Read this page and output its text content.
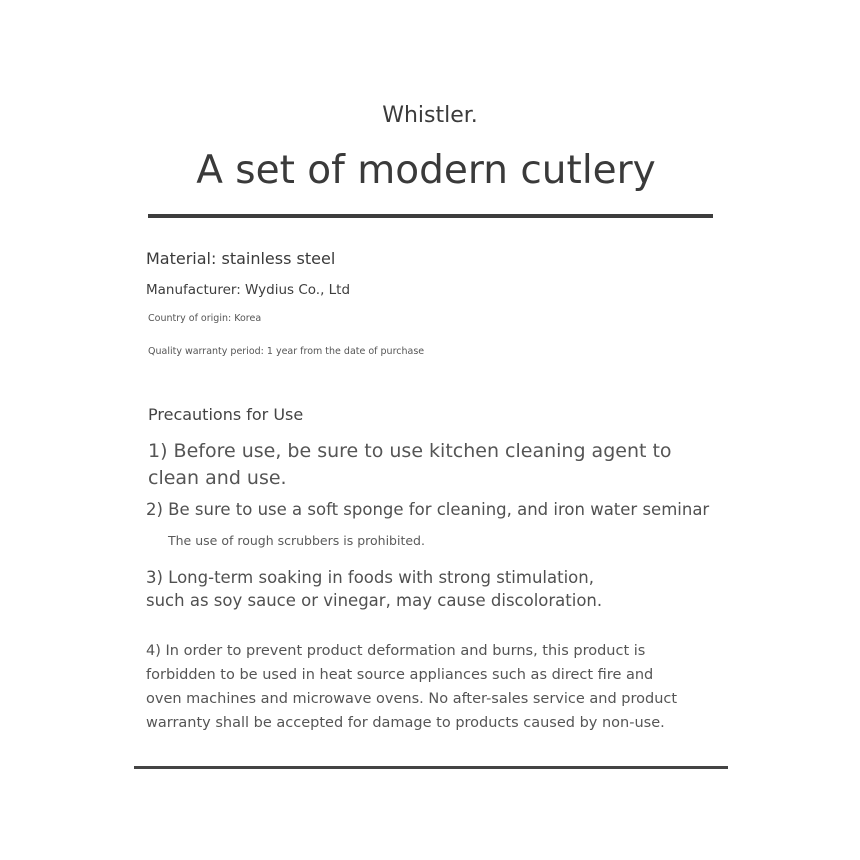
Whistler.

A set of modern cutlery

Material: stainless steel

Manufacturer: Wydius Co., Ltd

Country of origin: Korea

Quality warranty period: 1 year from the date of purchase

Precautions for Use

1) Before use, be sure to use kitchen cleaning agent to
clean and use.

2) Be sure to use a soft sponge for cleaning, and iron water seminar

The use of rough scrubbers is prohibited.

3) Long-term soaking in foods with strong stimulation,
such as soy sauce or vinegar, may cause discoloration.
4) In order to prevent product deformation and burns, this product is
forbidden to be used in heat source appliances such as direct fire and
oven machines and microwave ovens. No after-sales service and product
warranty shall be accepted for damage to products caused by non-use.
